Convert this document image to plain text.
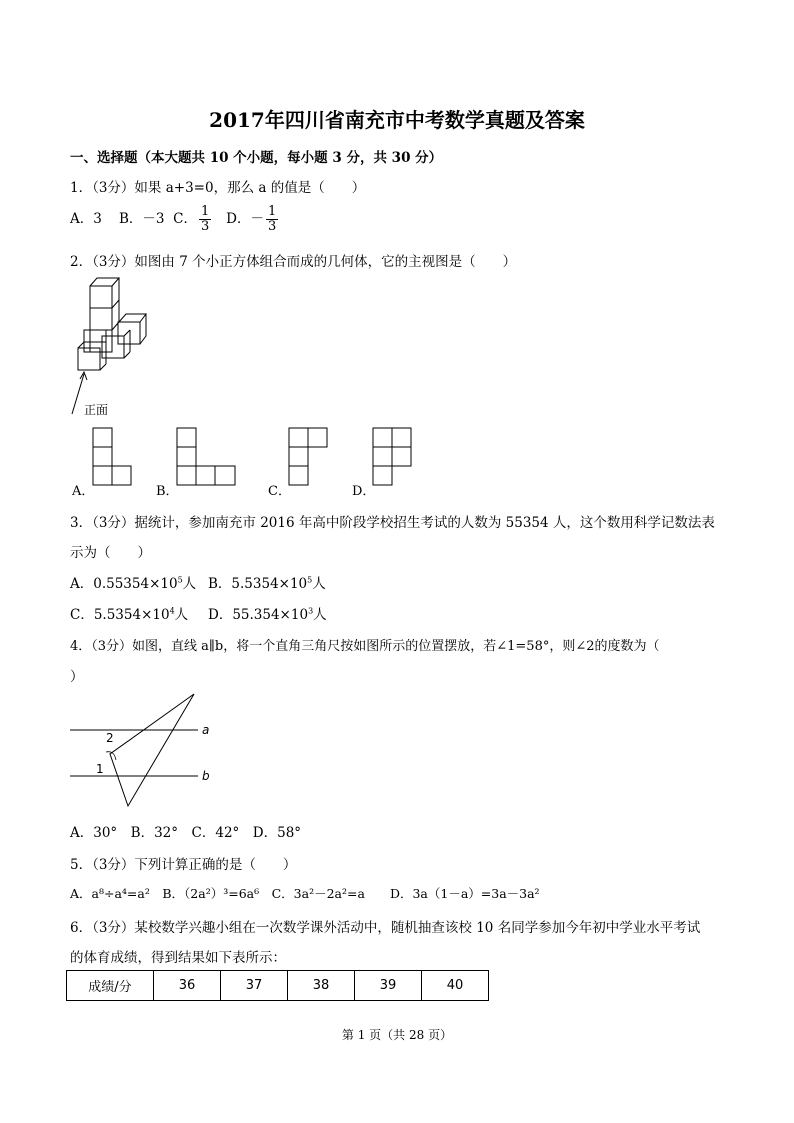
2017年四川省南充市中考数学真题及答案
一、选择题（本大题共 10 个小题，每小题 3 分，共 30 分）
1．（3分）如果 a+3=0，那么 a 的值是（　　）
A．3 B．－3 C． $\frac{1}{3}$ D．－ $\frac{1}{3}$
2．（3分）如图由 7 个小正方体组合而成的几何体，它的主视图是（　　）
正面
A．	B．	C．	D．
3．（3分）据统计，参加南充市 2016 年高中阶段学校招生考试的人数为 55354 人，这个数用科学记数法表
示为（　　）
A．$0.55354\times 10^5$人 B．$5.5354\times 10^5$人
C．$5.5354\times 10^4$人 D．$55.354\times 10^3$人
4．（3分）如图，直线 a∥b，将一个直角三角尺按如图所示的位置摆放，若∠1=58°，则∠2的度数为（
）
a
b
2
1
A．30°　B．32°　C．42°　D．58°
5．（3分）下列计算正确的是（　　）
A．a⁸÷a⁴=a²　B．（2a²）³=6a⁶　C．3a²－2a²=a　　D．3a（1－a）=3a－3a²
6．（3分）某校数学兴趣小组在一次数学课外活动中，随机抽查该校 10 名同学参加今年初中学业水平考试
的体育成绩，得到结果如下表所示：
成绩/分	36	37	38	39	40
第 1 页（共 28 页）
